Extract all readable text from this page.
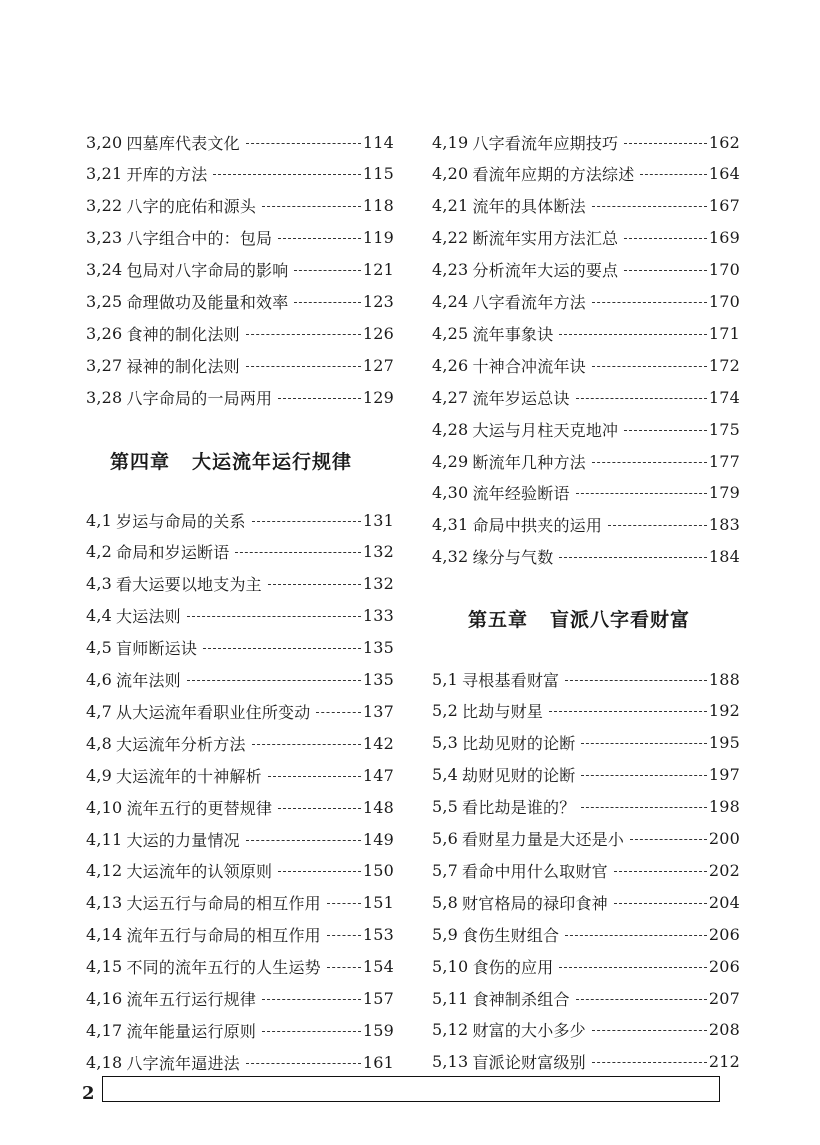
第四章 大运流年运行规律
3,20 四墓库代表文化	114
3,21 开库的方法	115
3,22 八字的庇佑和源头	118
3,23 八字组合中的：包局	119
3,24 包局对八字命局的影响	121
3,25 命理做功及能量和效率	123
3,26 食神的制化法则	126
3,27 禄神的制化法则	127
3,28 八字命局的一局两用	129
4,1 岁运与命局的关系	131
4,2 命局和岁运断语	132
4,3 看大运要以地支为主	132
4,4 大运法则	133
4,5 盲师断运诀	135
4,6 流年法则	135
4,7 从大运流年看职业住所变动	137
4,8 大运流年分析方法	142
4,9 大运流年的十神解析	147
4,10 流年五行的更替规律	148
4,11 大运的力量情况	149
4,12 大运流年的认领原则	150
4,13 大运五行与命局的相互作用	151
4,14 流年五行与命局的相互作用	153
4,15 不同的流年五行的人生运势	154
4,16 流年五行运行规律	157
4,17 流年能量运行原则	159
4,18 八字流年逼进法	161
第五章 盲派八字看财富
4,19 八字看流年应期技巧	162
4,20 看流年应期的方法综述	164
4,21 流年的具体断法	167
4,22 断流年实用方法汇总	169
4,23 分析流年大运的要点	170
4,24 八字看流年方法	170
4,25 流年事象诀	171
4,26 十神合冲流年诀	172
4,27 流年岁运总诀	174
4,28 大运与月柱天克地冲	175
4,29 断流年几种方法	177
4,30 流年经验断语	179
4,31 命局中拱夹的运用	183
4,32 缘分与气数	184
5,1 寻根基看财富	188
5,2 比劫与财星	192
5,3 比劫见财的论断	195
5,4 劫财见财的论断	197
5,5 看比劫是谁的？	198
5,6 看财星力量是大还是小	200
5,7 看命中用什么取财官	202
5,8 财官格局的禄印食神	204
5,9 食伤生财组合	206
5,10 食伤的应用	206
5,11 食神制杀组合	207
5,12 财富的大小多少	208
5,13 盲派论财富级别	212
2
